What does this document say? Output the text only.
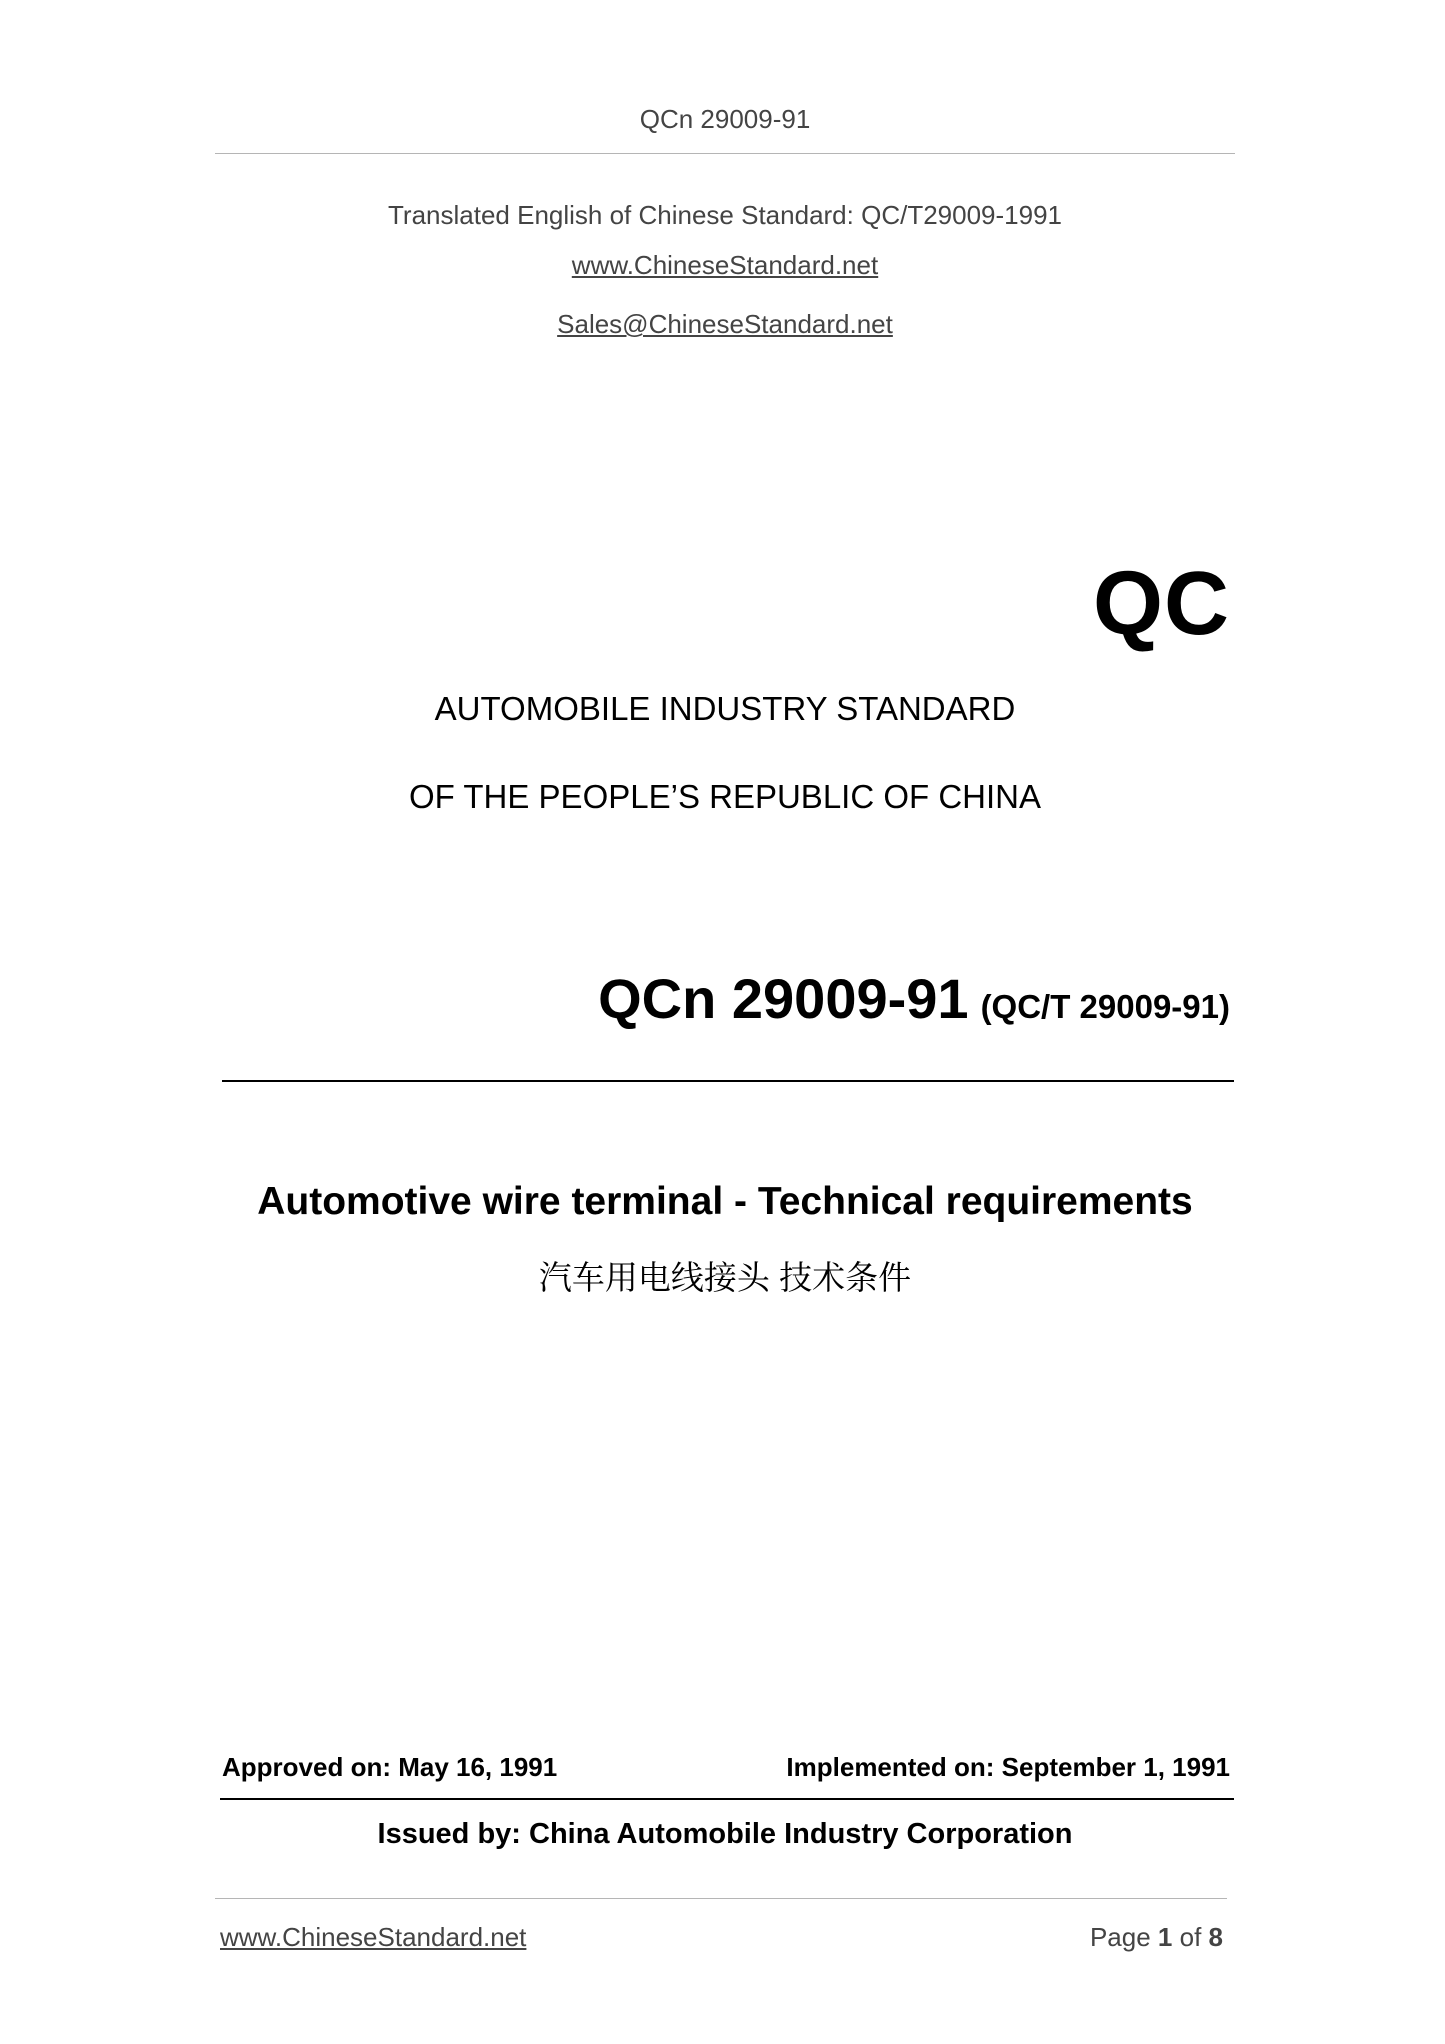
QCn 29009-91
Translated English of Chinese Standard: QC/T29009-1991
www.ChineseStandard.net
Sales@ChineseStandard.net
QC
AUTOMOBILE INDUSTRY STANDARD
OF THE PEOPLE’S REPUBLIC OF CHINA
QCn 29009-91 (QC/T 29009-91)
Automotive wire terminal - Technical requirements
汽车用电线接头 技术条件
Approved on: May 16, 1991	Implemented on: September 1, 1991
Issued by: China Automobile Industry Corporation
www.ChineseStandard.net	Page 1 of 8
